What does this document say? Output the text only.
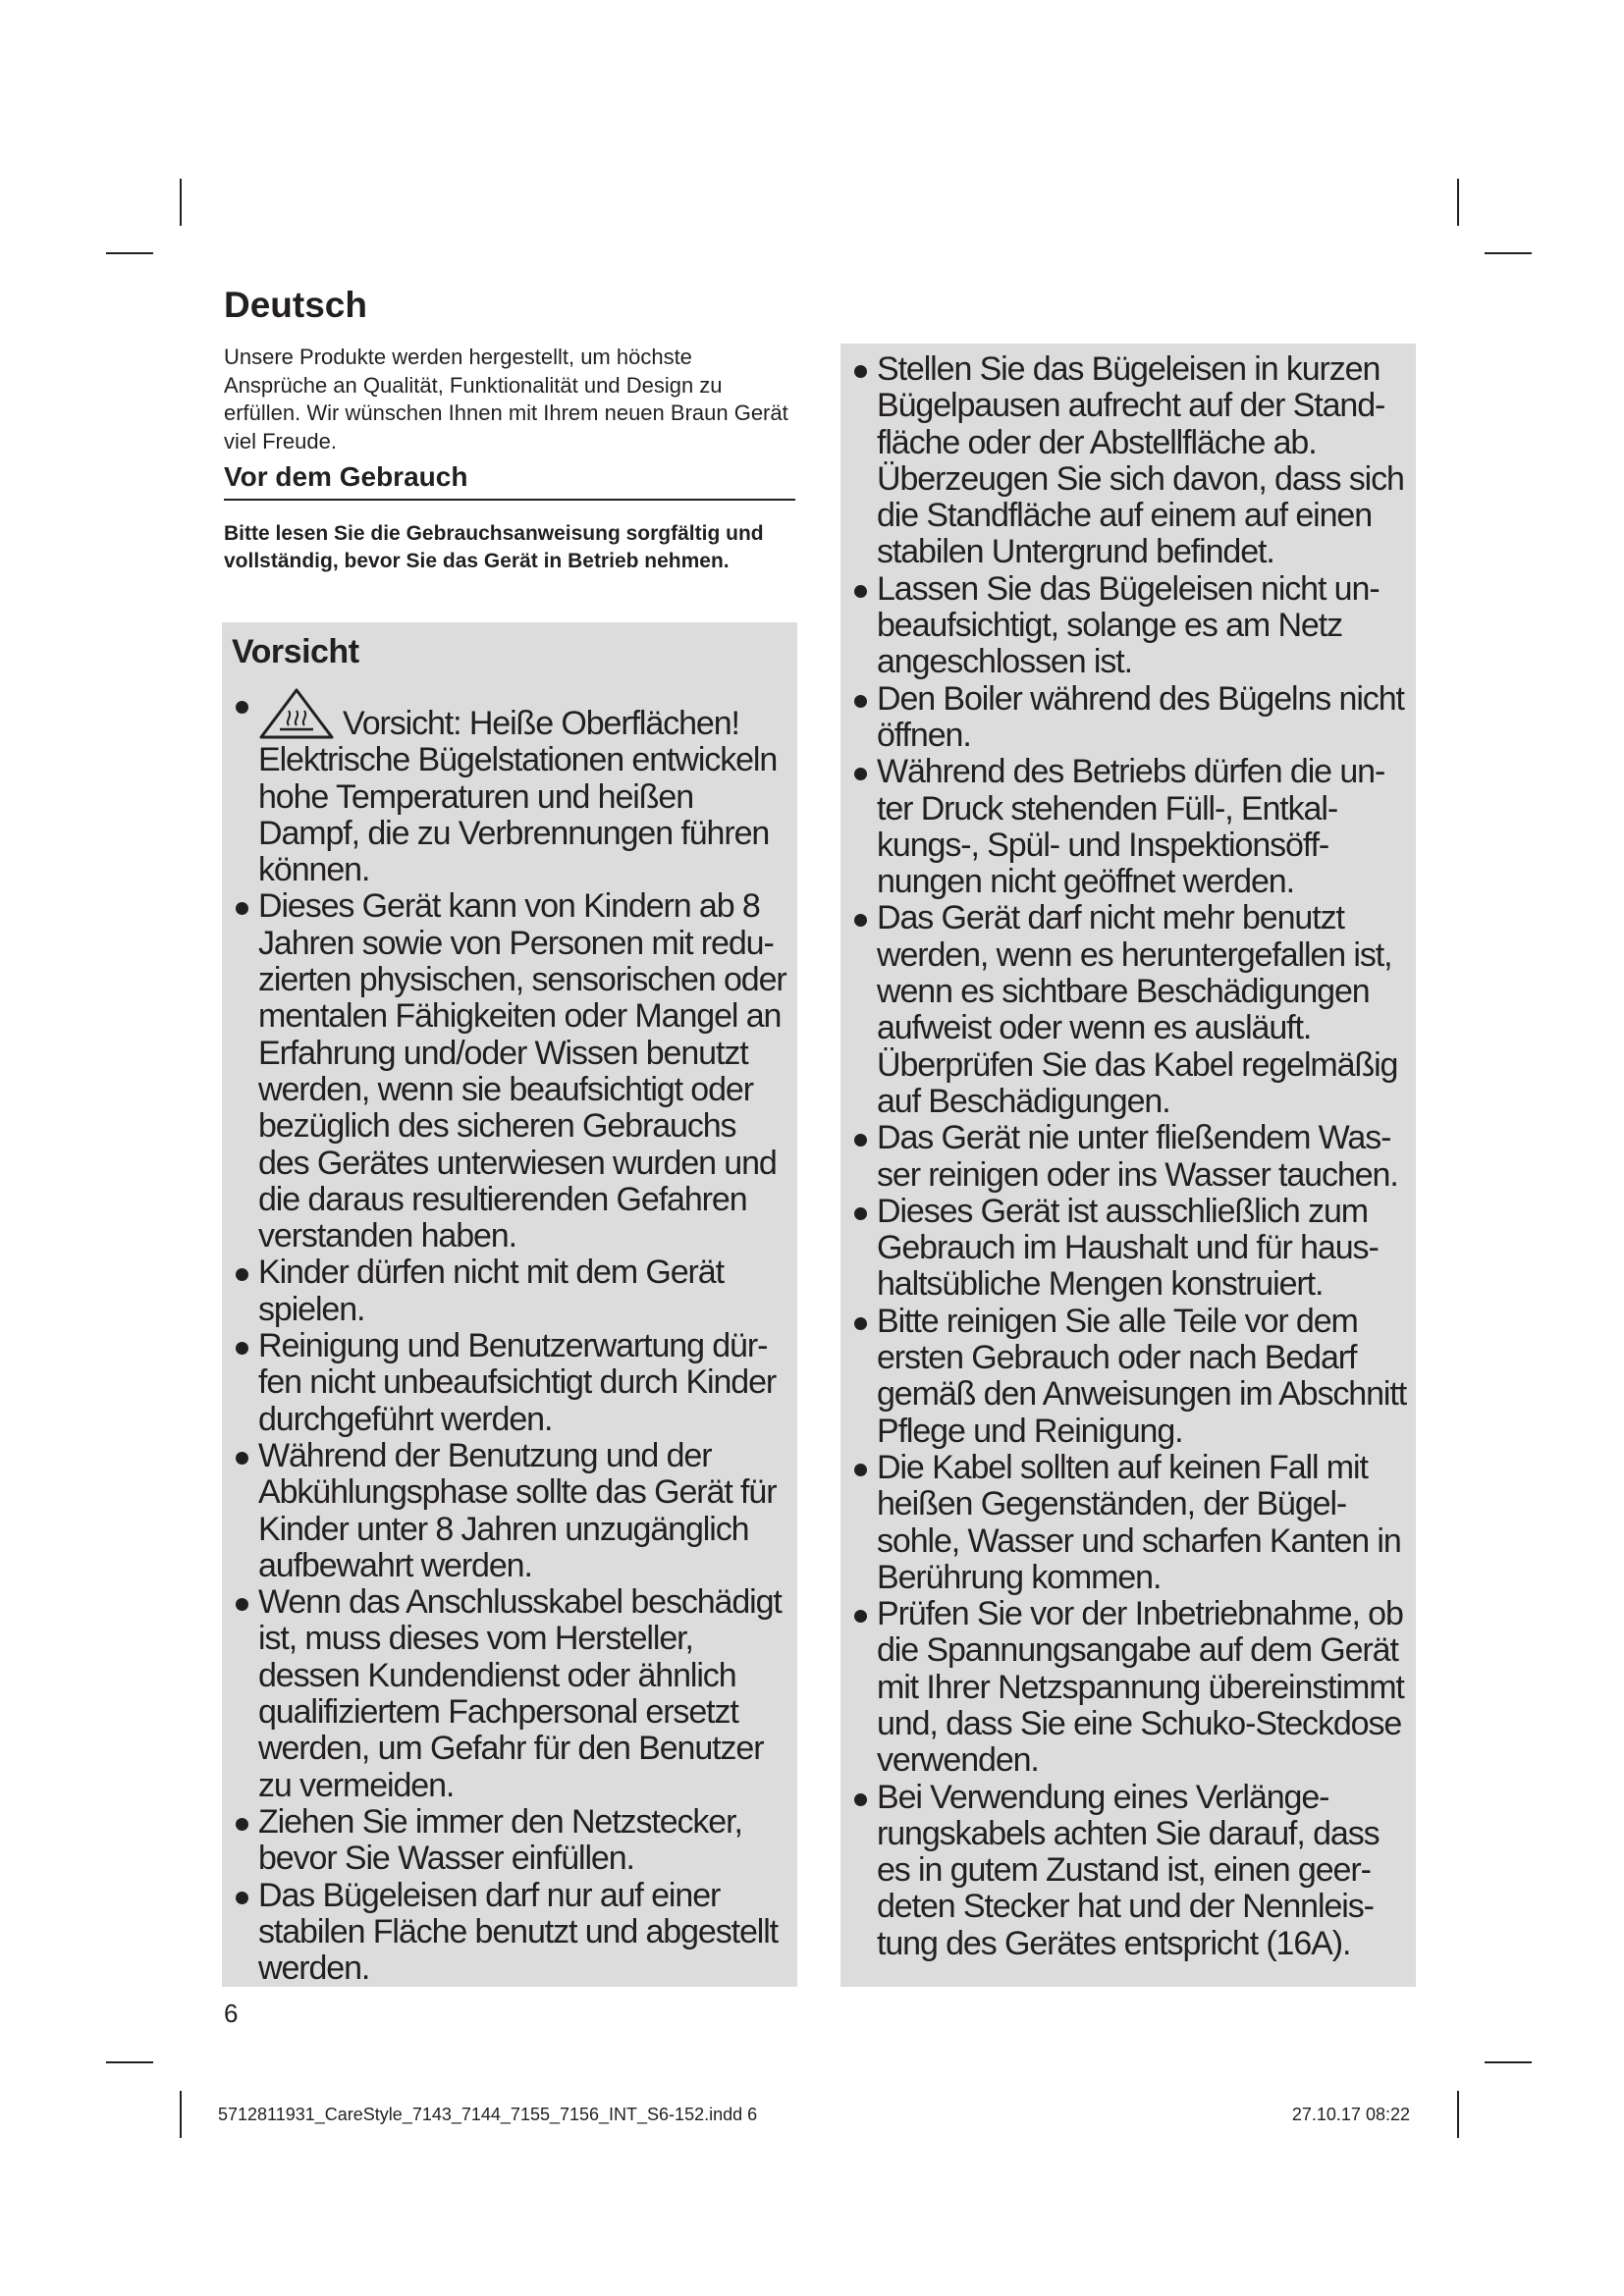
Deutsch

Unsere Produkte werden hergestellt, um höchste Ansprüche an Qualität, Funktionalität und Design zu erfüllen. Wir wünschen Ihnen mit Ihrem neuen Braun Gerät viel Freude.

Vor dem Gebrauch

Bitte lesen Sie die Gebrauchsanweisung sorgfältig und vollständig, bevor Sie das Gerät in Betrieb nehmen.

Vorsicht
Vorsicht: Heiße Oberflächen! Elektrische Bügelstationen entwickeln hohe Temperaturen und heißen Dampf, die zu Verbrennungen führen können.
Dieses Gerät kann von Kindern ab 8 Jahren sowie von Personen mit reduzierten physischen, sensorischen oder mentalen Fähigkeiten oder Mangel an Erfahrung und/oder Wissen benutzt werden, wenn sie beaufsichtigt oder bezüglich des sicheren Gebrauchs des Gerätes unterwiesen wurden und die daraus resultierenden Gefahren verstanden haben.
Kinder dürfen nicht mit dem Gerät spielen.
Reinigung und Benutzerwartung dürfen nicht unbeaufsichtigt durch Kinder durchgeführt werden.
Während der Benutzung und der Abkühlungsphase sollte das Gerät für Kinder unter 8 Jahren unzugänglich aufbewahrt werden.
Wenn das Anschlusskabel beschädigt ist, muss dieses vom Hersteller, dessen Kundendienst oder ähnlich qualifiziertem Fachpersonal ersetzt werden, um Gefahr für den Benutzer zu vermeiden.
Ziehen Sie immer den Netzstecker, bevor Sie Wasser einfüllen.
Das Bügeleisen darf nur auf einer stabilen Fläche benutzt und abgestellt werden.
Stellen Sie das Bügeleisen in kurzen Bügelpausen aufrecht auf der Standfläche oder der Abstellfläche ab. Überzeugen Sie sich davon, dass sich die Standfläche auf einem auf einen stabilen Untergrund befindet.
Lassen Sie das Bügeleisen nicht unbeaufsichtigt, solange es am Netz angeschlossen ist.
Den Boiler während des Bügelns nicht öffnen.
Während des Betriebs dürfen die unter Druck stehenden Füll-, Entkalkungs-, Spül- und Inspektionsöffnungen nicht geöffnet werden.
Das Gerät darf nicht mehr benutzt werden, wenn es heruntergefallen ist, wenn es sichtbare Beschädigungen aufweist oder wenn es ausläuft. Überprüfen Sie das Kabel regelmäßig auf Beschädigungen.
Das Gerät nie unter fließendem Wasser reinigen oder ins Wasser tauchen.
Dieses Gerät ist ausschließlich zum Gebrauch im Haushalt und für haushaltsübliche Mengen konstruiert.
Bitte reinigen Sie alle Teile vor dem ersten Gebrauch oder nach Bedarf gemäß den Anweisungen im Abschnitt Pflege und Reinigung.
Die Kabel sollten auf keinen Fall mit heißen Gegenständen, der Bügelsohle, Wasser und scharfen Kanten in Berührung kommen.
Prüfen Sie vor der Inbetriebnahme, ob die Spannungsangabe auf dem Gerät mit Ihrer Netzspannung übereinstimmt und, dass Sie eine Schuko-Steckdose verwenden.
Bei Verwendung eines Verlängerungskabels achten Sie darauf, dass es in gutem Zustand ist, einen geerdeten Stecker hat und der Nennleistung des Gerätes entspricht (16A).

6

5712811931_CareStyle_7143_7144_7155_7156_INT_S6-152.indd 6	27.10.17 08:22
